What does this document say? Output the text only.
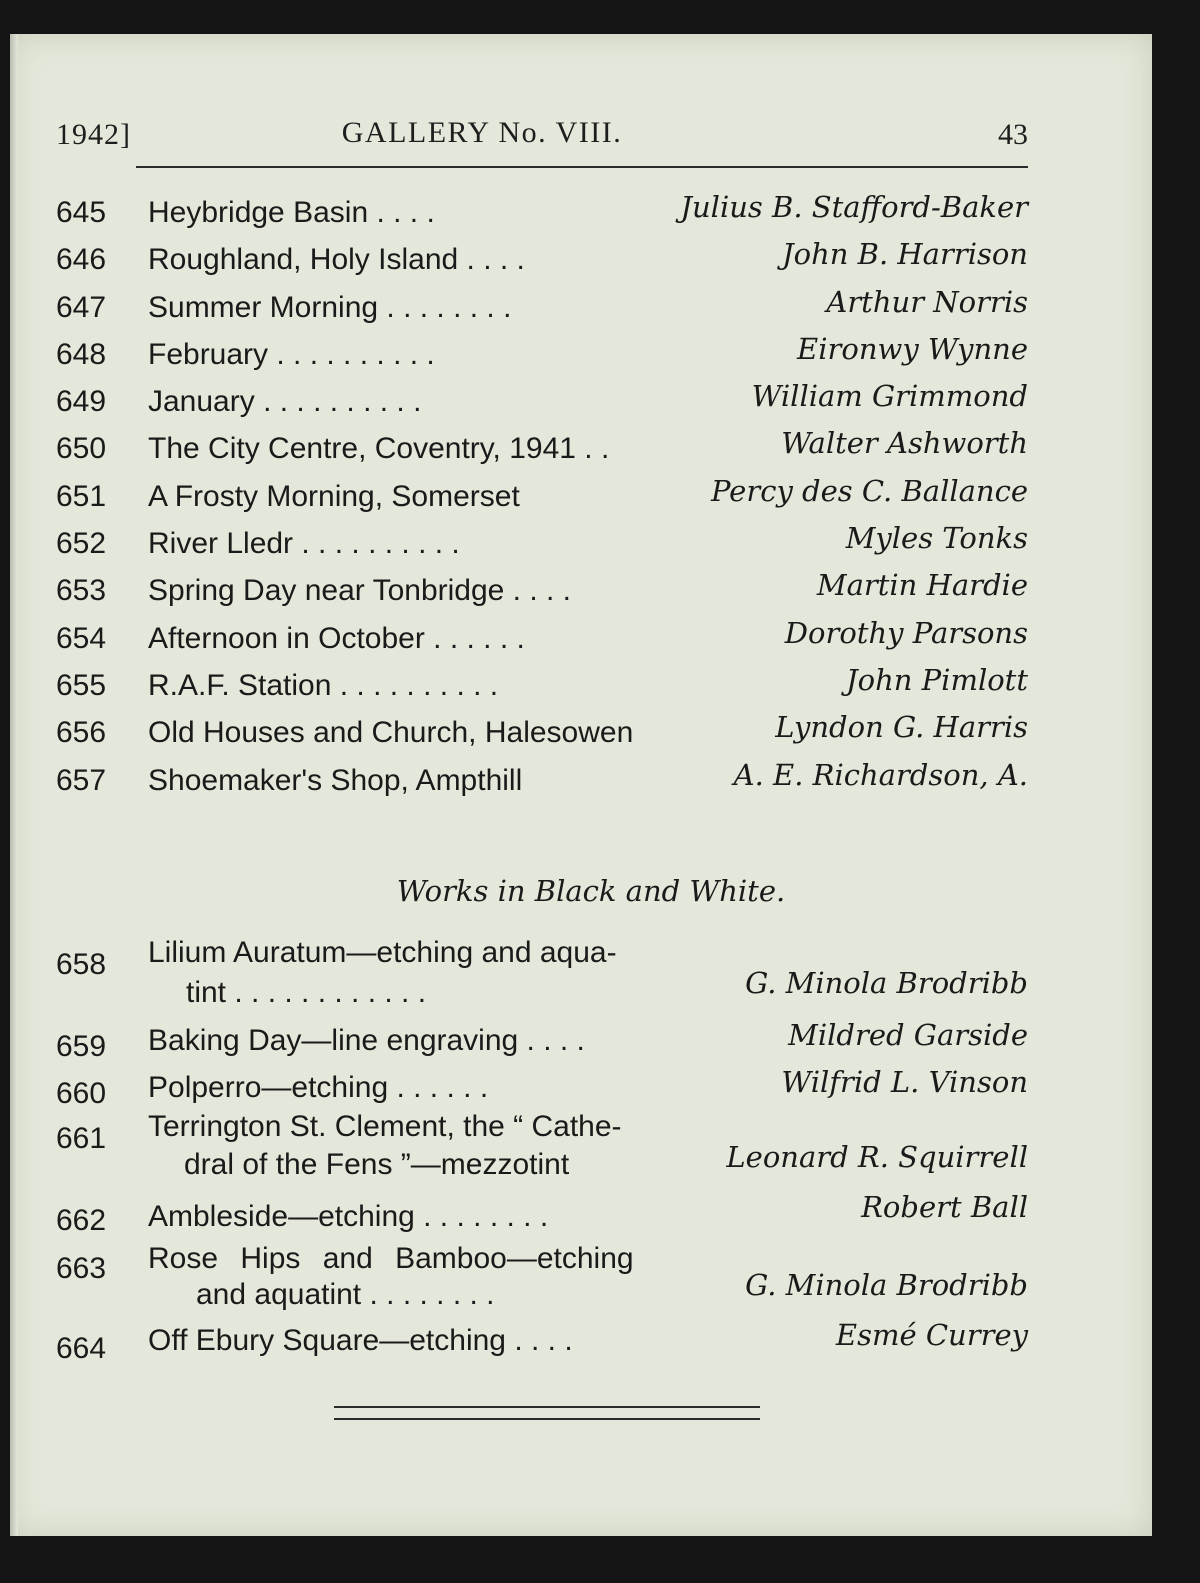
1942]	GALLERY No. VIII.	43
645 Heybridge Basin . . . .	Julius B. Stafford-Baker
646 Roughland, Holy Island . . . .	John B. Harrison
647 Summer Morning . . . . . . . .	Arthur Norris
648 February . . . . . . . . . .	Eironwy Wynne
649 January . . . . . . . . . .	William Grimmond
650 The City Centre, Coventry, 1941 . .	Walter Ashworth
651 A Frosty Morning, Somerset	Percy des C. Ballance
652 River Lledr . . . . . . . . . .	Myles Tonks
653 Spring Day near Tonbridge . . . .	Martin Hardie
654 Afternoon in October . . . . . .	Dorothy Parsons
655 R.A.F. Station . . . . . . . . . .	John Pimlott
656 Old Houses and Church, Halesowen	Lyndon G. Harris
657 Shoemaker's Shop, Ampthill	A. E. Richardson, A.
Works in Black and White.
658 Lilium Auratum—etching and aqua-
tint . . . . . . . . . . . .	G. Minola Brodribb
659 Baking Day—line engraving . . . .	Mildred Garside
660 Polperro—etching . . . . . .	Wilfrid L. Vinson
661 Terrington St. Clement, the “ Cathe-
dral of the Fens ”—mezzotint	Leonard R. Squirrell
662 Ambleside—etching . . . . . . . .	Robert Ball
663 Rose Hips and Bamboo—etching
and aquatint . . . . . . . .	G. Minola Brodribb
664 Off Ebury Square—etching . . . .	Esmé Currey
